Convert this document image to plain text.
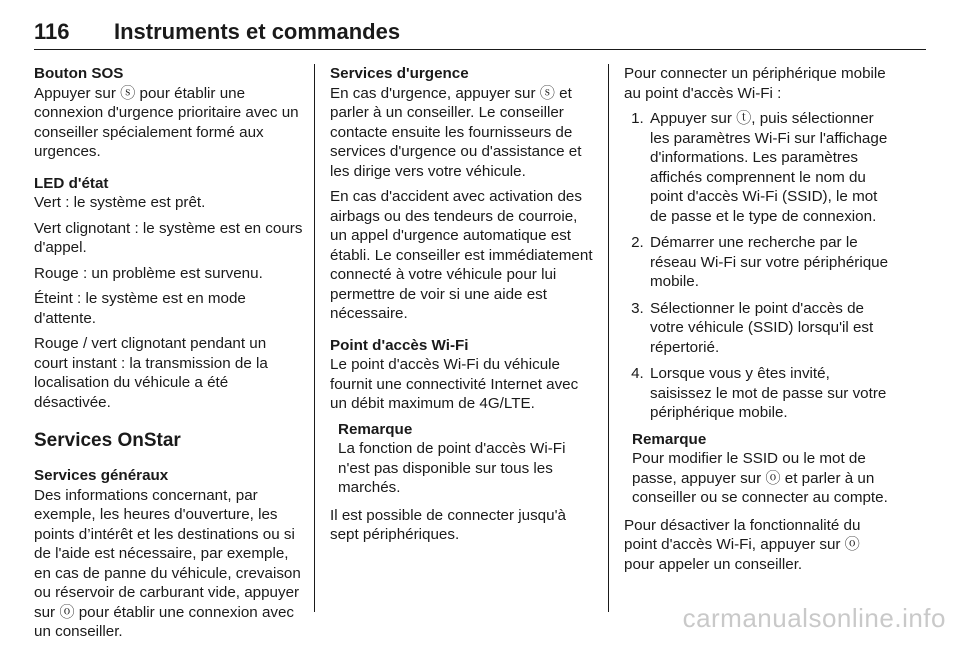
116	Instruments et commandes
Bouton SOS

Appuyer sur ⓢ pour établir une connexion d'urgence prioritaire avec un conseiller spécialement formé aux urgences.

LED d'état

Vert : le système est prêt.

Vert clignotant : le système est en cours d'appel.

Rouge : un problème est survenu.

Éteint : le système est en mode d'attente.

Rouge / vert clignotant pendant un court instant : la transmission de la localisation du véhicule a été désactivée.

Services OnStar
Services généraux

Des informations concernant, par exemple, les heures d'ouverture, les points d’intérêt et les destinations ou si de l'aide est nécessaire, par exemple, en cas de panne du véhicule, crevaison ou réservoir de carburant vide, appuyer sur ⓞ pour établir une connexion avec un conseiller.

Services d'urgence

En cas d'urgence, appuyer sur ⓢ et parler à un conseiller. Le conseiller contacte ensuite les fournisseurs de services d'urgence ou d'assistance et les dirige vers votre véhicule.

En cas d'accident avec activation des airbags ou des tendeurs de courroie, un appel d'urgence automatique est établi. Le conseiller est immédiatement connecté à votre véhicule pour lui permettre de voir si une aide est nécessaire.

Point d'accès Wi-Fi

Le point d'accès Wi-Fi du véhicule fournit une connectivité Internet avec un débit maximum de 4G/LTE.

Remarque
La fonction de point d'accès Wi-Fi n'est pas disponible sur tous les marchés.

Il est possible de connecter jusqu'à sept périphériques.

Pour connecter un périphérique mobile au point d'accès Wi-Fi :

1. Appuyer sur ⓣ, puis sélectionner les paramètres Wi-Fi sur l'affichage d'informations. Les paramètres affichés comprennent le nom du point d'accès Wi-Fi (SSID), le mot de passe et le type de connexion.
2. Démarrer une recherche par le réseau Wi-Fi sur votre périphérique mobile.
3. Sélectionner le point d'accès de votre véhicule (SSID) lorsqu'il est répertorié.
4. Lorsque vous y êtes invité, saisissez le mot de passe sur votre périphérique mobile.
Remarque
Pour modifier le SSID ou le mot de passe, appuyer sur ⓞ et parler à un conseiller ou se connecter au compte.

Pour désactiver la fonctionnalité du point d'accès Wi-Fi, appuyer sur ⓞ pour appeler un conseiller.

carmanualsonline.info
